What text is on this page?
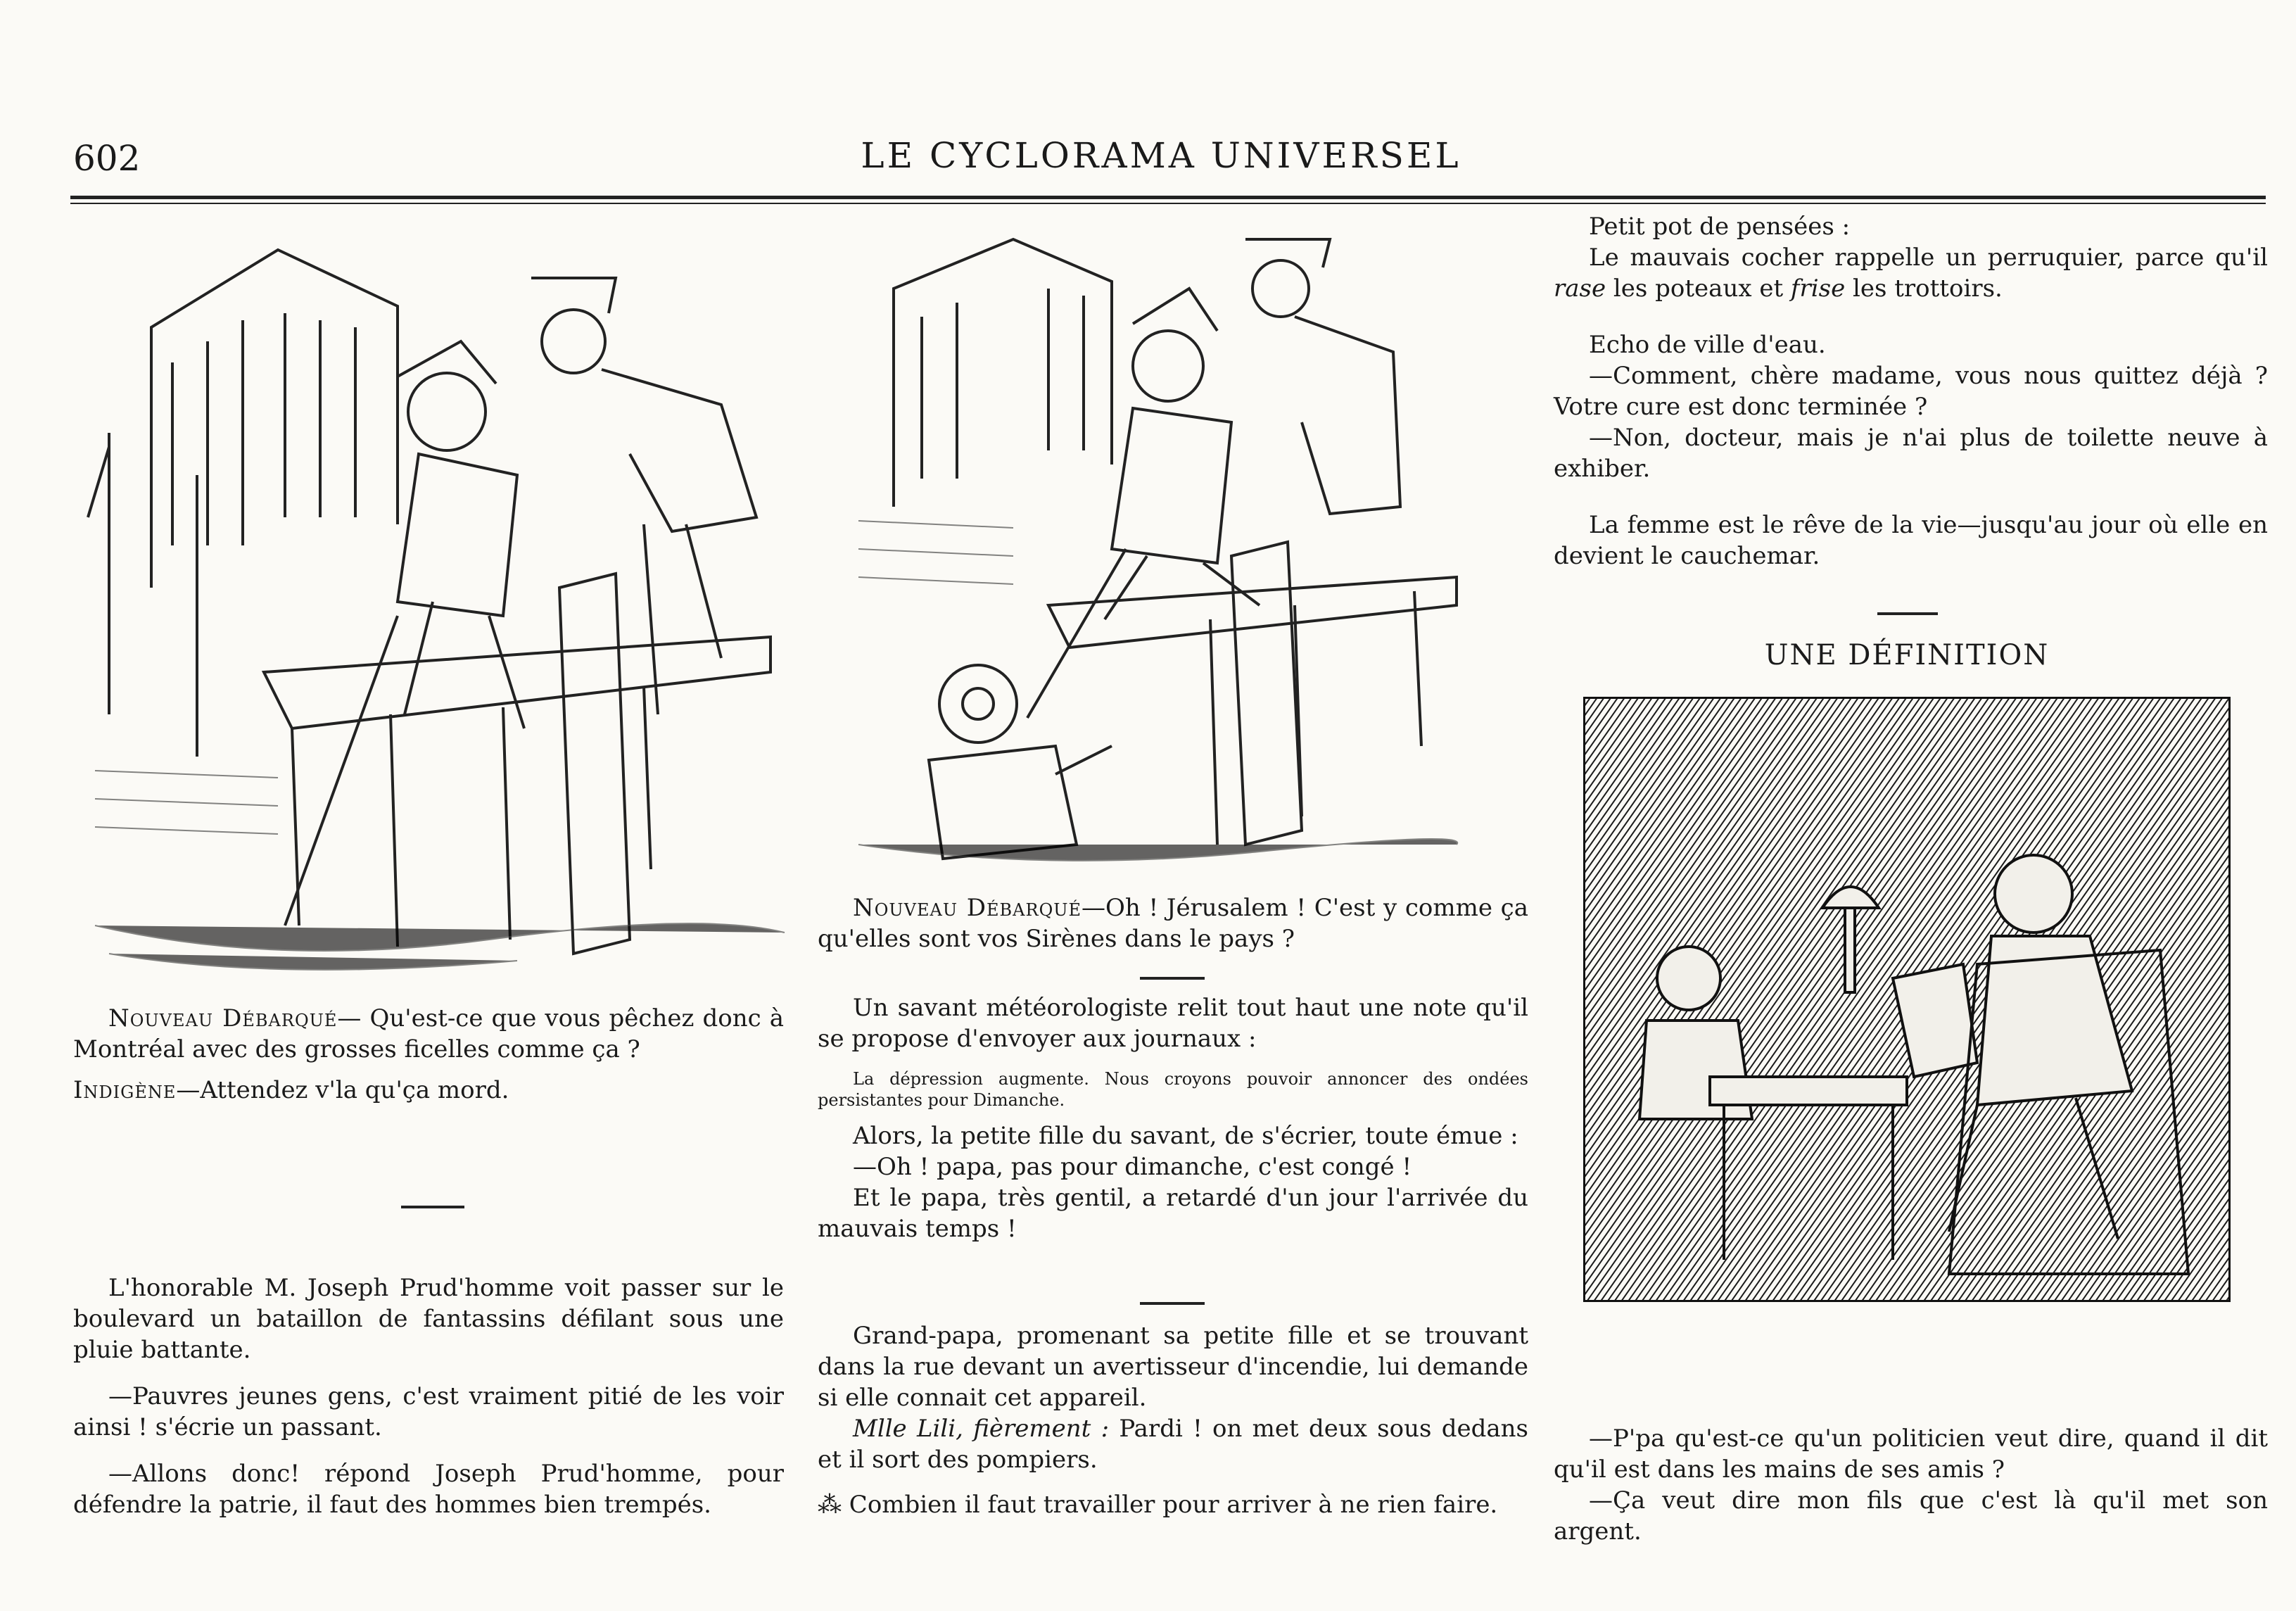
602	LE CYCLORAMA UNIVERSEL

Nouveau Débarqué— Qu'est-ce que vous pêchez donc à Montréal avec des grosses ficelles comme ça ?

Indigène—Attendez v'la qu'ça mord.

L'honorable M. Joseph Prud'homme voit passer sur le boulevard un bataillon de fantassins défilant sous une pluie battante.

—Pauvres jeunes gens, c'est vraiment pitié de les voir ainsi ! s'écrie un passant.

—Allons donc! répond Joseph Prud'homme, pour défendre la patrie, il faut des hommes bien trempés.

Nouveau Débarqué—Oh ! Jérusalem ! C'est y comme ça qu'elles sont vos Sirènes dans le pays ?

Un savant météorologiste relit tout haut une note qu'il se propose d'envoyer aux journaux :

La dépression augmente. Nous croyons pouvoir annoncer des ondées persistantes pour Dimanche.

Alors, la petite fille du savant, de s'écrier, toute émue :

—Oh ! papa, pas pour dimanche, c'est congé !

Et le papa, très gentil, a retardé d'un jour l'arrivée du mauvais temps !

Grand-papa, promenant sa petite fille et se trouvant dans la rue devant un avertisseur d'incendie, lui demande si elle connait cet appareil.

Mlle Lili, fièrement : Pardi ! on met deux sous dedans et il sort des pompiers.

⁂ Combien il faut travailler pour arriver à ne rien faire.

Petit pot de pensées :

Le mauvais cocher rappelle un perruquier, parce qu'il rase les poteaux et frise les trottoirs.

Echo de ville d'eau.

—Comment, chère madame, vous nous quittez déjà ? Votre cure est donc terminée ?

—Non, docteur, mais je n'ai plus de toilette neuve à exhiber.

La femme est le rêve de la vie—jusqu'au jour où elle en devient le cauchemar.

UNE DÉFINITION

—P'pa qu'est-ce qu'un politicien veut dire, quand il dit qu'il est dans les mains de ses amis ?

—Ça veut dire mon fils que c'est là qu'il met son argent.
